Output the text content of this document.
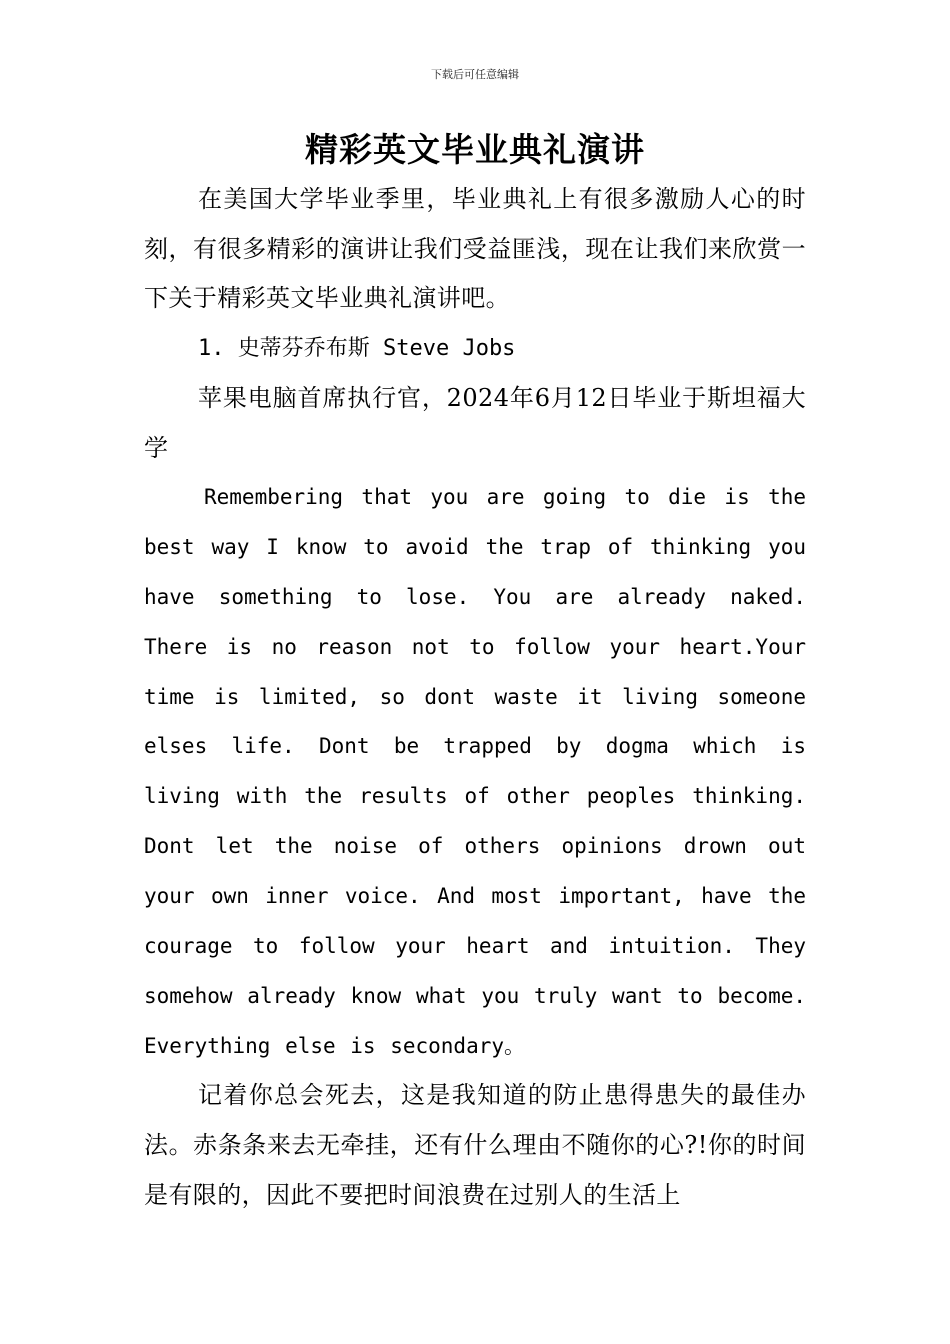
下载后可任意编辑
精彩英文毕业典礼演讲

在美国大学毕业季里，毕业典礼上有很多激励人心的时刻，有很多精彩的演讲让我们受益匪浅，现在让我们来欣赏一下关于精彩英文毕业典礼演讲吧。

1. 史蒂芬乔布斯 Steve Jobs

苹果电脑首席执行官，2024年6月12日毕业于斯坦福大学

Remembering that you are going to die is the best way I know to avoid the trap of thinking you have something to lose. You are already naked. There is no reason not to follow your heart.Your time is limited, so dont waste it living someone elses life. Dont be trapped by dogma which is living with the results of other peoples thinking. Dont let the noise of others opinions drown out your own inner voice. And most important, have the courage to follow your heart and intuition. They somehow already know what you truly want to become. Everything else is secondary。

记着你总会死去，这是我知道的防止患得患失的最佳办法。赤条条来去无牵挂，还有什么理由不随你的心?!你的时间是有限的，因此不要把时间浪费在过别人的生活上
